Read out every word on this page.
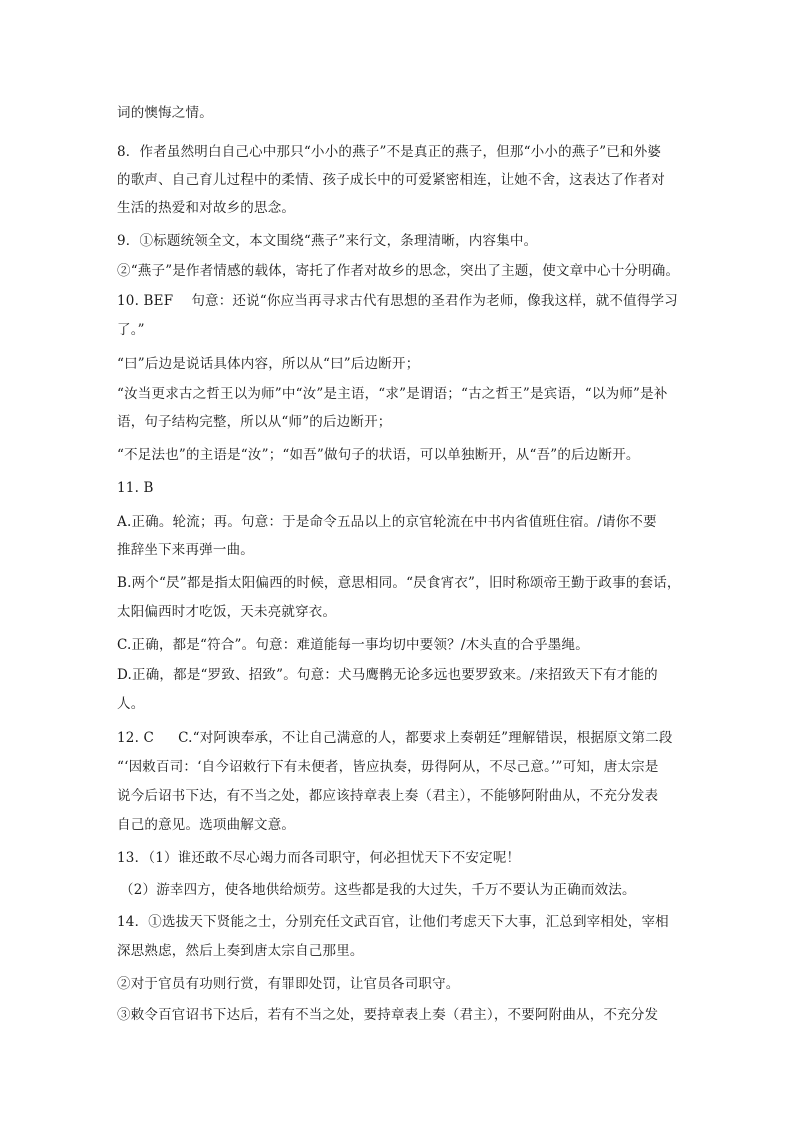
词的懊悔之情。
8．作者虽然明白自己心中那只“小小的燕子”不是真正的燕子，但那“小小的燕子”已和外婆
的歌声、自己育儿过程中的柔情、孩子成长中的可爱紧密相连，让她不舍，这表达了作者对
生活的热爱和对故乡的思念。
9．①标题统领全文，本文围绕“燕子”来行文，条理清晰，内容集中。
②“燕子”是作者情感的载体，寄托了作者对故乡的思念，突出了主题，使文章中心十分明确。
10. BEF 句意：还说“你应当再寻求古代有思想的圣君作为老师，像我这样，就不值得学习
了。”
“曰”后边是说话具体内容，所以从“曰”后边断开；
“汝当更求古之哲王以为师”中“汝”是主语，“求”是谓语；“古之哲王”是宾语，“以为师”是补
语，句子结构完整，所以从“师”的后边断开；
“不足法也”的主语是“汝”；“如吾”做句子的状语，可以单独断开，从“吾”的后边断开。
11. B
A.正确。轮流；再。句意：于是命令五品以上的京官轮流在中书内省值班住宿。/请你不要
推辞坐下来再弹一曲。
B.两个“昃”都是指太阳偏西的时候，意思相同。“昃食宵衣”，旧时称颂帝王勤于政事的套话，
太阳偏西时才吃饭，天未亮就穿衣。
C.正确，都是“符合”。句意：难道能每一事均切中要领？/木头直的合乎墨绳。
D.正确，都是“罗致、招致”。句意：犬马鹰鹘无论多远也要罗致来。/来招致天下有才能的
人。
12. C C.“对阿谀奉承，不让自己满意的人，都要求上奏朝廷”理解错误，根据原文第二段
“‘因敕百司：‘自今诏敕行下有未便者，皆应执奏，毋得阿从，不尽己意。’”可知，唐太宗是
说今后诏书下达，有不当之处，都应该持章表上奏（君主），不能够阿附曲从，不充分发表
自己的意见。选项曲解文意。
13．（1）谁还敢不尽心竭力而各司职守，何必担忧天下不安定呢！
（2）游幸四方，使各地供给烦劳。这些都是我的大过失，千万不要认为正确而效法。
14．①选拔天下贤能之士，分别充任文武百官，让他们考虑天下大事，汇总到宰相处，宰相
深思熟虑，然后上奏到唐太宗自己那里。
②对于官员有功则行赏，有罪即处罚，让官员各司职守。
③敕令百官诏书下达后，若有不当之处，要持章表上奏（君主），不要阿附曲从，不充分发
